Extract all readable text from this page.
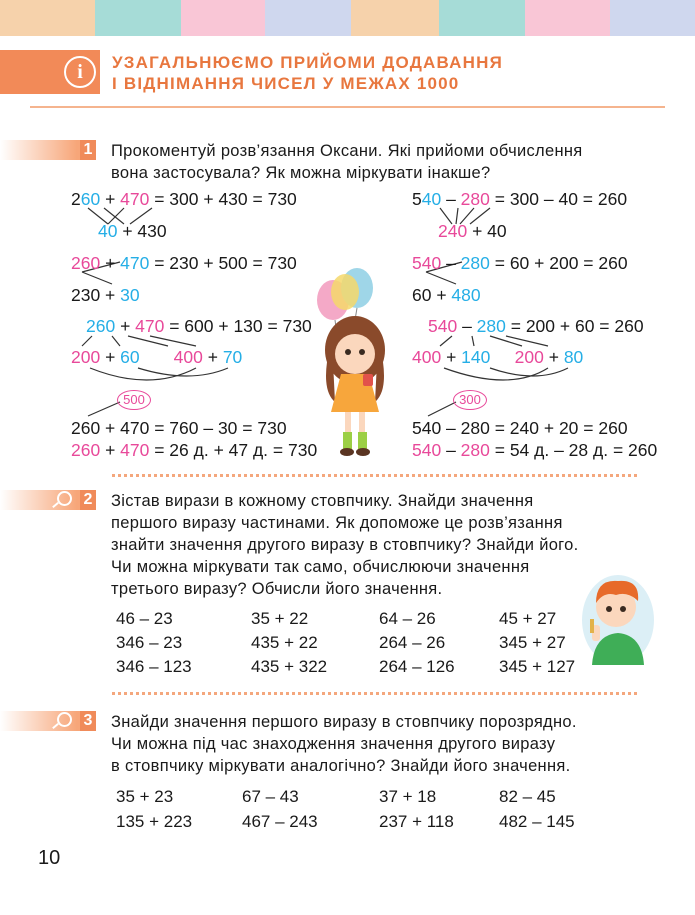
i	УЗАГАЛЬНЮЄМО ПРИЙОМИ ДОДАВАННЯ
І ВІДНІМАННЯ ЧИСЕЛ У МЕЖАХ 1000
1 Прокоментуй розв’язання Оксани. Які прийоми обчислення
вона застосувала? Як можна міркувати інакше?
260 + 470 = 300 + 430 = 730
40 + 430
260 + 470 = 230 + 500 = 730
230 + 30
260 + 470 = 600 + 130 = 730
200 + 60 400 + 70
500
260 + 470 = 760 – 30 = 730
260 + 470 = 26 д. + 47 д. = 730
540 – 280 = 300 – 40 = 260
240 + 40
540 – 280 = 60 + 200 = 260
60 + 480
540 – 280 = 200 + 60 = 260
400 + 140 200 + 80
300
540 – 280 = 240 + 20 = 260
540 – 280 = 54 д. – 28 д. = 260
2 Зістав вирази в кожному стовпчику. Знайди значення
першого виразу частинами. Як допоможе це розв’язання
знайти значення другого виразу в стовпчику? Знайди його.
Чи можна міркувати так само, обчислюючи значення
третього виразу? Обчисли його значення.
46 – 23
346 – 23
346 – 123
35 + 22
435 + 22
435 + 322
64 – 26
264 – 26
264 – 126
45 + 27
345 + 27
345 + 127
3 Знайди значення першого виразу в стовпчику порозрядно.
Чи можна під час знаходження значення другого виразу
в стовпчику міркувати аналогічно? Знайди його значення.
35 + 23
135 + 223
67 – 43
467 – 243
37 + 18
237 + 118
82 – 45
482 – 145
10
